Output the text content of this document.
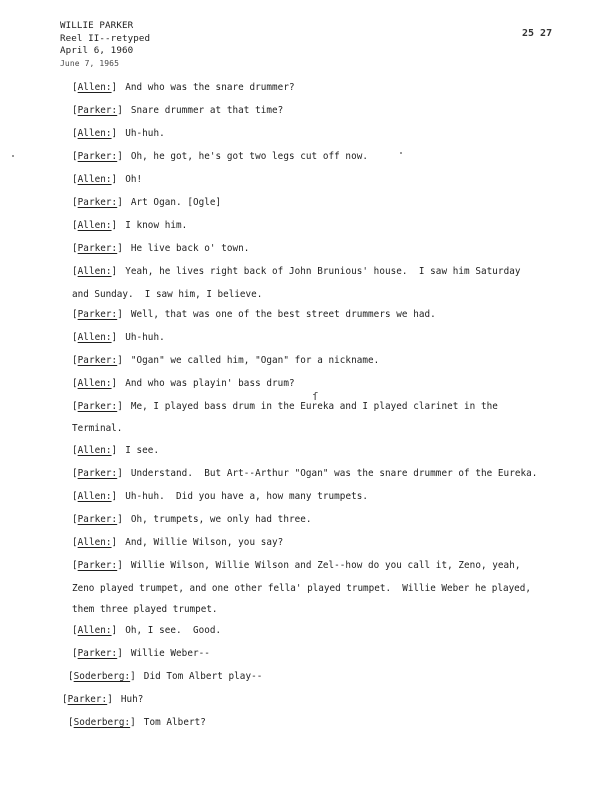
WILLIE PARKER
Reel II--retyped
April 6, 1960
June 7, 1965
25 27
[Allen:] And who was the snare drummer?
[Parker:] Snare drummer at that time?
[Allen:] Uh-huh.
[Parker:] Oh, he got, he's got two legs cut off now.
[Allen:] Oh!
[Parker:] Art Ogan. [Ogle]
[Allen:] I know him.
[Parker:] He live back o' town.
[Allen:] Yeah, he lives right back of John Brunious' house.  I saw him Saturday
and Sunday.  I saw him, I believe.
[Parker:] Well, that was one of the best street drummers we had.
[Allen:] Uh-huh.
[Parker:] "Ogan" we called him, "Ogan" for a nickname.
[Allen:] And who was playin' bass drum?
[Parker:] Me, I played bass drum in the Eureka and I played clarinet in the
Terminal.
[Allen:] I see.
[Parker:] Understand.  But Art--Arthur "Ogan" was the snare drummer of the Eureka.
[Allen:] Uh-huh.  Did you have a, how many trumpets.
[Parker:] Oh, trumpets, we only had three.
[Allen:] And, Willie Wilson, you say?
[Parker:] Willie Wilson, Willie Wilson and Zel--how do you call it, Zeno, yeah,
Zeno played trumpet, and one other fella' played trumpet.  Willie Weber he played,
them three played trumpet.
[Allen:] Oh, I see.  Good.
[Parker:] Willie Weber--
[Soderberg:] Did Tom Albert play--
[Parker:] Huh?
[Soderberg:] Tom Albert?
ſ
